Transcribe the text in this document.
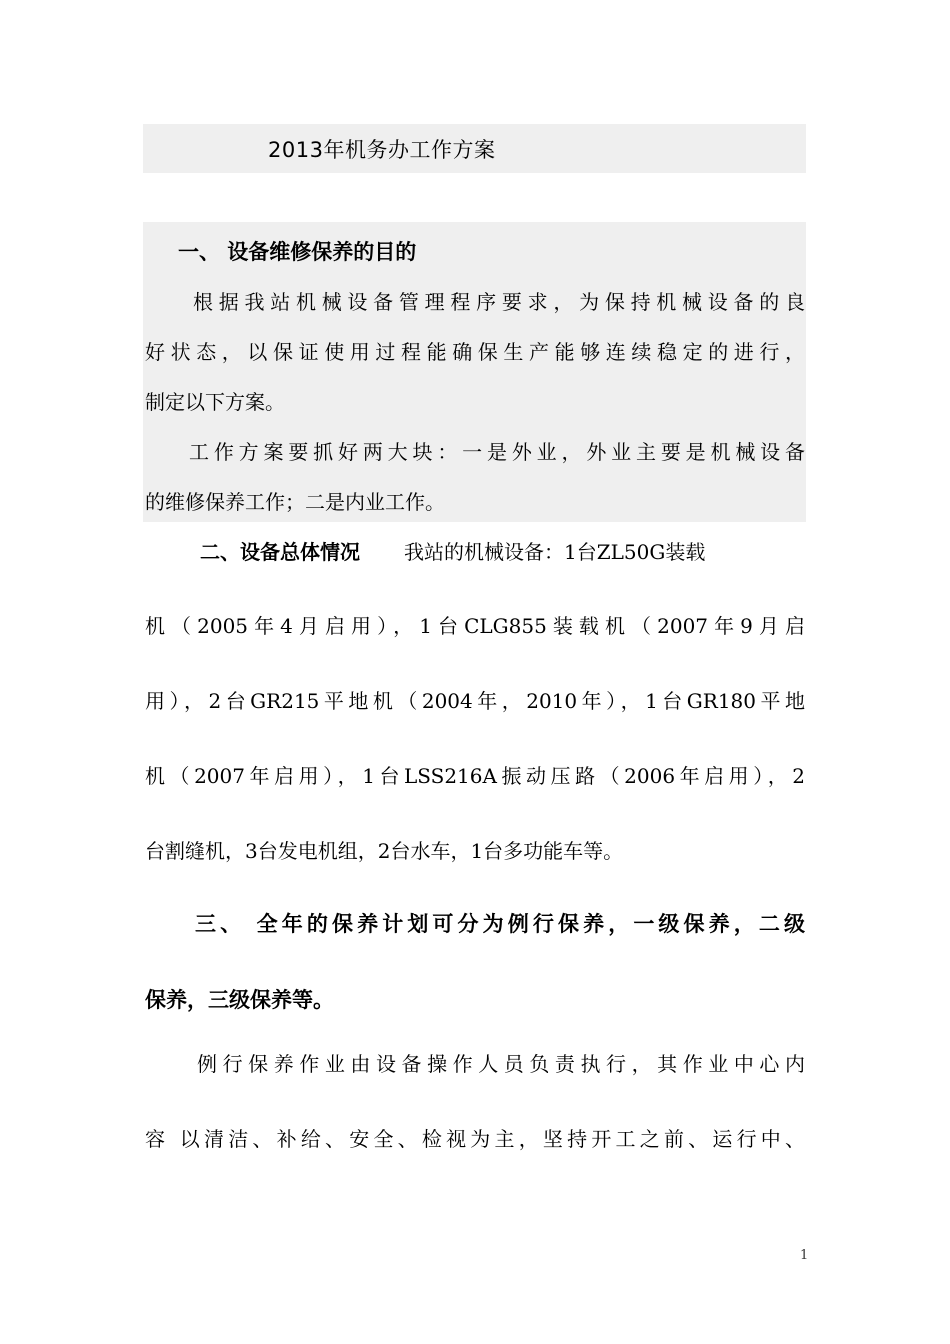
2013年机务办工作方案
一、 设备维修保养的目的
根据我站机械设备管理程序要求，为保持机械设备的良
好状态，以保证使用过程能确保生产能够连续稳定的进行，
制定以下方案。
工作方案要抓好两大块：一是外业，外业主要是机械设备
的维修保养工作；二是内业工作。
二、设备总体情况 我站的机械设备：1台ZL50G装载
机（2005年4月启用），1台CLG855装载机（2007年9月启
用），2台GR215平地机（2004年，2010年），1台GR180平地
机（2007年启用），1台LSS216A振动压路（2006年启用），2
台割缝机，3台发电机组，2台水车，1台多功能车等。
三、 全年的保养计划可分为例行保养，一级保养，二级
保养，三级保养等。
例行保养作业由设备操作人员负责执行，其作业中心内
容 以清洁、补给、安全、检视为主，坚持开工之前、运行中、
1
